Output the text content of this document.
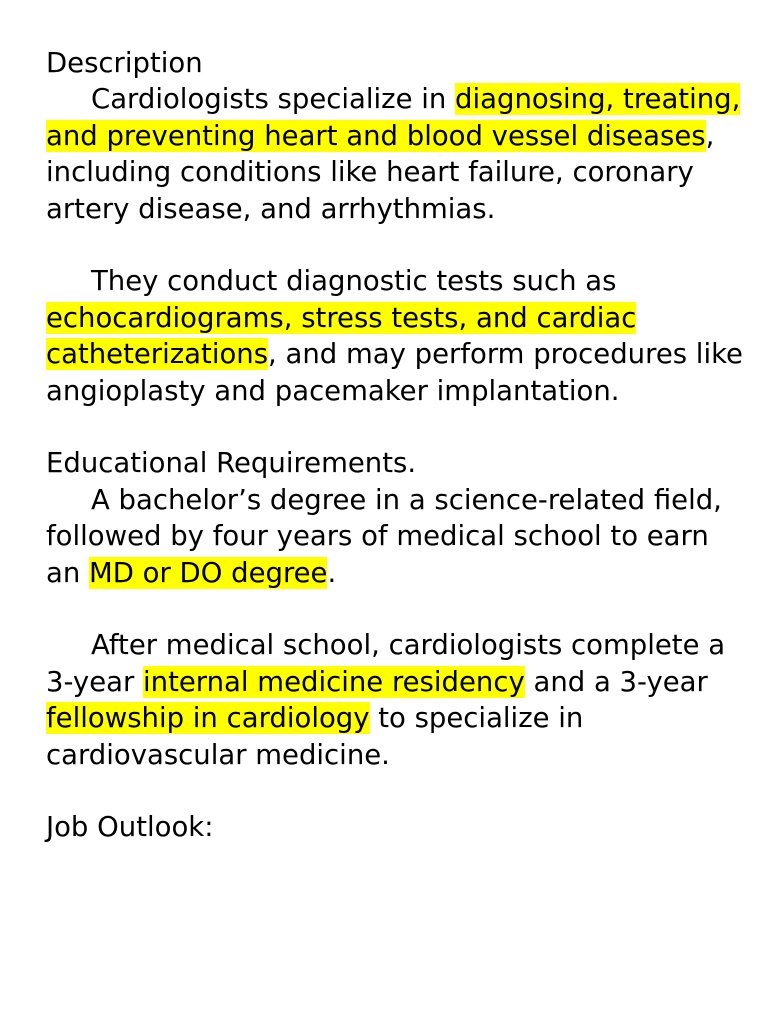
Description

Cardiologists specialize in diagnosing, treating, and preventing heart and blood vessel diseases, including conditions like heart failure, coronary artery disease, and arrhythmias.

They conduct diagnostic tests such as echocardiograms, stress tests, and cardiac catheterizations, and may perform procedures like angioplasty and pacemaker implantation.

Educational Requirements.

A bachelor’s degree in a science-related field, followed by four years of medical school to earn an MD or DO degree.

After medical school, cardiologists complete a 3-year internal medicine residency and a 3-year fellowship in cardiology to specialize in cardiovascular medicine.

Job Outlook:
